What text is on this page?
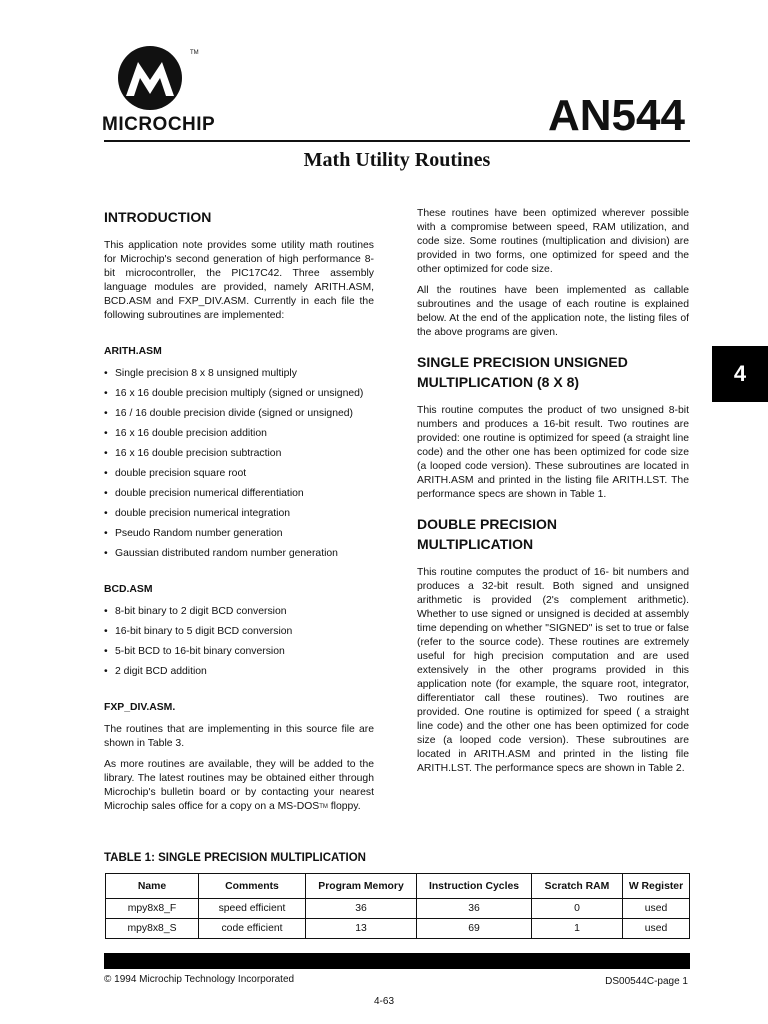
TM
MICROCHIP	AN544
Math Utility Routines
INTRODUCTION

This application note provides some utility math routines for Microchip's second generation of high performance 8-bit microcontroller, the PIC17C42. Three assembly language modules are provided, namely ARITH.ASM, BCD.ASM and FXP_DIV.ASM. Currently in each file the following subroutines are implemented:

ARITH.ASM
• Single precision 8 x 8 unsigned multiply
• 16 x 16 double precision multiply (signed or unsigned)
• 16 / 16 double precision divide (signed or unsigned)
• 16 x 16 double precision addition
• 16 x 16 double precision subtraction
• double precision square root
• double precision numerical differentiation
• double precision numerical integration
• Pseudo Random number generation
• Gaussian distributed random number generation
BCD.ASM
• 8-bit binary to 2 digit BCD conversion
• 16-bit binary to 5 digit BCD conversion
• 5-bit BCD to 16-bit binary conversion
• 2 digit BCD addition
FXP_DIV.ASM.

The routines that are implementing in this source file are shown in Table 3.

As more routines are available, they will be added to the library. The latest routines may be obtained either through Microchip's bulletin board or by contacting your nearest Microchip sales office for a copy on a MS-DOS™ floppy.

These routines have been optimized wherever possible with a compromise between speed, RAM utilization, and code size. Some routines (multiplication and division) are provided in two forms, one optimized for speed and the other optimized for code size.

All the routines have been implemented as callable subroutines and the usage of each routine is explained below. At the end of the application note, the listing files of the above programs are given.

SINGLE PRECISION UNSIGNED
MULTIPLICATION (8 X 8)

This routine computes the product of two unsigned 8-bit numbers and produces a 16-bit result. Two routines are provided: one routine is optimized for speed (a straight line code) and the other one has been optimized for code size (a looped code version). These subroutines are located in ARITH.ASM and printed in the listing file ARITH.LST. The performance specs are shown in Table 1.

DOUBLE PRECISION
MULTIPLICATION

This routine computes the product of 16- bit numbers and produces a 32-bit result. Both signed and unsigned arithmetic is provided (2's complement arithmetic). Whether to use signed or unsigned is decided at assembly time depending on whether "SIGNED" is set to true or false (refer to the source code). These routines are extremely useful for high precision computation and are used extensively in the other programs provided in this application note (for example, the square root, integrator, differentiator call these routines). Two routines are provided. One routine is optimized for speed ( a straight line code) and the other one has been optimized for code size (a looped code version). These subroutines are located in ARITH.ASM and printed in the listing file ARITH.LST. The performance specs are shown in Table 2.

4
TABLE 1: SINGLE PRECISION MULTIPLICATION
Name	Comments	Program Memory	Instruction Cycles	Scratch RAM	W Register
mpy8x8_F	speed efficient	36	36	0	used
mpy8x8_S	code efficient	13	69	1	used
© 1994 Microchip Technology Incorporated	DS00544C-page 1
4-63
